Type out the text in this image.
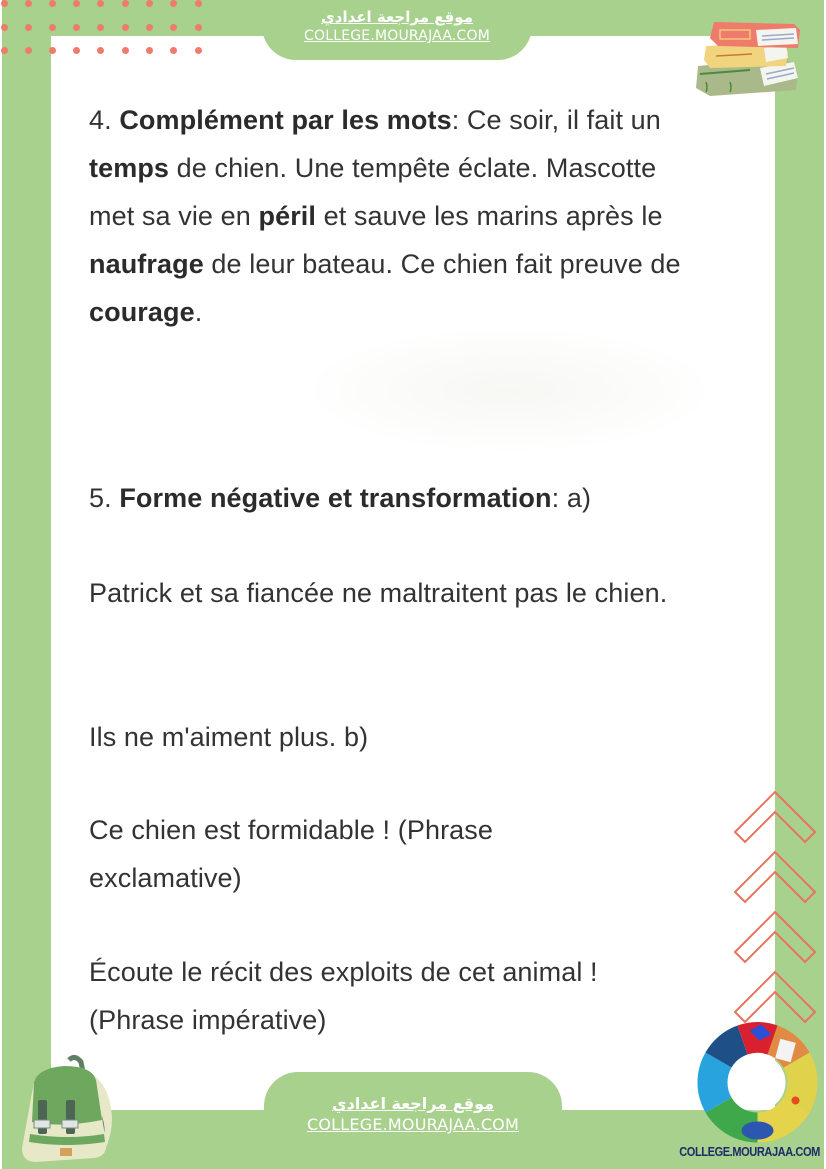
موقع مراجعة اعدادي
COLLEGE.MOURAJAA.COM

4. Complément par les mots: Ce soir, il fait un temps de chien. Une tempête éclate. Mascotte met sa vie en péril et sauve les marins après le naufrage de leur bateau. Ce chien fait preuve de
courage.

5. Forme négative et transformation: a)

Patrick et sa fiancée ne maltraitent pas le chien.

Ils ne m'aiment plus. b)

Ce chien est formidable ! (Phrase exclamative)

Écoute le récit des exploits de cet animal ! (Phrase impérative)

موقع مراجعة اعدادي
COLLEGE.MOURAJAA.COM
COLLEGE.MOURAJAA.COM
